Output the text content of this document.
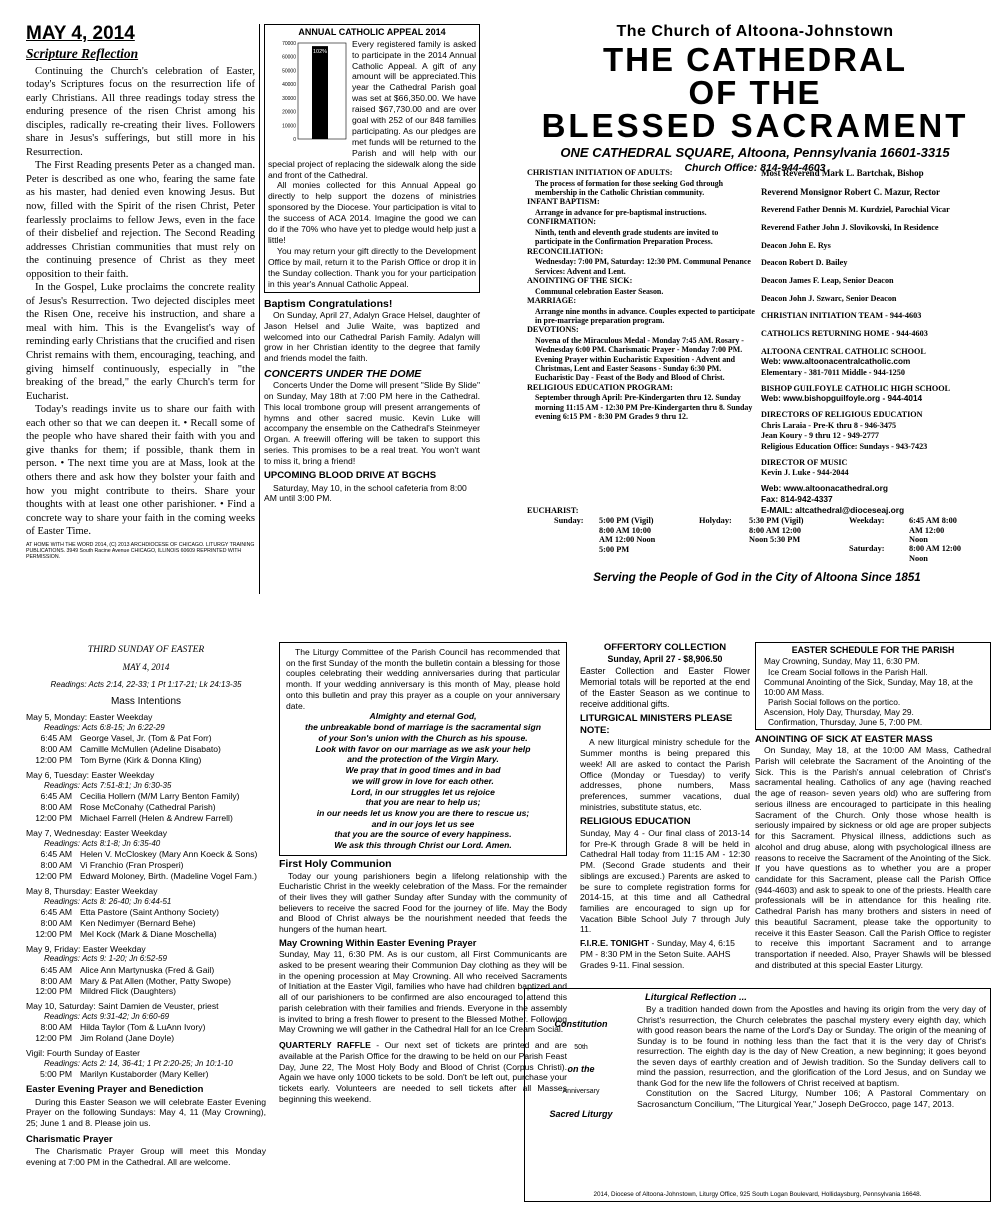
MAY 4, 2014
Scripture Reflection

Continuing the Church's celebration of Easter, today's Scriptures focus on the resurrection life of early Christians. All three readings today stress the enduring presence of the risen Christ among his disciples, radically re-creating their lives. Followers share in Jesus's sufferings, but still more in his Resurrection.

The First Reading presents Peter as a changed man. Peter is described as one who, fearing the same fate as his master, had denied even knowing Jesus. But now, filled with the Spirit of the risen Christ, Peter fearlessly proclaims to fellow Jews, even in the face of their disbelief and rejection. The Second Reading addresses Christian communities that must rely on the continuing presence of Christ as they meet opposition to their faith.

In the Gospel, Luke proclaims the concrete reality of Jesus's Resurrection. Two dejected disciples meet the Risen One, receive his instruction, and share a meal with him. This is the Evangelist's way of reminding early Christians that the crucified and risen Christ remains with them, encouraging, teaching, and giving himself continuously, especially in "the breaking of the bread," the early Church's term for Eucharist.

Today's readings invite us to share our faith with each other so that we can deepen it. • Recall some of the people who have shared their faith with you and give thanks for them; if possible, thank them in person. • The next time you are at Mass, look at the others there and ask how they bolster your faith and how you might contribute to theirs. Share your thoughts with at least one other parishioner. • Find a concrete way to share your faith in the coming weeks of Easter Time.

AT HOME WITH THE WORD 2014, (C) 2013 ARCHDIOCESE OF CHICAGO. LITURGY TRAINING PUBLICATIONS. 3949 South Racine Avenue CHICAGO, ILLINOIS 60609 REPRINTED WITH PERMISSION.

ANNUAL CATHOLIC APPEAL 2014
70000
60000
50000
40000
30000
20000
10000
0
102%

Every registered family is asked to participate in the 2014 Annual Catholic Appeal. A gift of any amount will be appreciated.This year the Cathedral Parish goal was set at $66,350.00. We have raised $67,730.00 and are over goal with 252 of our 848 families participating. As our pledges are met funds will be returned to the Parish and will help with our special project of replacing the sidewalk along the side and front of the Cathedral.

All monies collected for this Annual Appeal go directly to help support the dozens of ministries sponsored by the Diocese. Your participation is vital to the success of ACA 2014. Imagine the good we can do if the 70% who have yet to pledge would help just a little!

You may return your gift directly to the Development Office by mail, return it to the Parish Office or drop it in the Sunday collection. Thank you for your participation in this year's Annual Catholic Appeal.

Baptism Congratulations!

On Sunday, April 27, Adalyn Grace Helsel, daughter of Jason Helsel and Julie Waite, was baptized and welcomed into our Cathedral Parish Family. Adalyn will grow in her Christian identity to the degree that family and friends model the faith.

CONCERTS UNDER THE DOME

Concerts Under the Dome will present "Slide By Slide" on Sunday, May 18th at 7:00 PM here in the Cathedral. This local trombone group will present arrangements of hymns and other sacred music. Kevin Luke will accompany the ensemble on the Cathedral's Steinmeyer Organ. A freewill offering will be taken to support this series. This promises to be a real treat. You won't want to miss it, bring a friend!

UPCOMING BLOOD DRIVE AT BGCHS

Saturday, May 10, in the school cafeteria from 8:00 AM until 3:00 PM.

The Church of Altoona-Johnstown
THE CATHEDRAL
OF THE
BLESSED SACRAMENT
ONE CATHEDRAL SQUARE, Altoona, Pennsylvania 16601-3315
Church Office: 814-944-4603
CHRISTIAN INITIATION OF ADULTS:
The process of formation for those seeking God through membership in the Catholic Christian community.
INFANT BAPTISM:
Arrange in advance for pre-baptismal instructions.
CONFIRMATION:
Ninth, tenth and eleventh grade students are invited to participate in the Confirmation Preparation Process.
RECONCILIATION:
Wednesday: 7:00 PM, Saturday: 12:30 PM. Communal Penance Services: Advent and Lent.
ANOINTING OF THE SICK:
Communal celebration Easter Season.
MARRIAGE:
Arrange nine months in advance. Couples expected to participate in pre-marriage preparation program.
DEVOTIONS:
Novena of the Miraculous Medal - Monday 7:45 AM. Rosary - Wednesday 6:00 PM. Charismatic Prayer - Monday 7:00 PM. Evening Prayer within Eucharistic Exposition - Advent and Christmas, Lent and Easter Seasons - Sunday 6:30 PM. Eucharistic Day - Feast of the Body and Blood of Christ.
RELIGIOUS EDUCATION PROGRAM:
September through April: Pre-Kindergarten thru 12. Sunday morning 11:15 AM - 12:30 PM Pre-Kindergarten thru 8. Sunday evening 6:15 PM - 8:30 PM Grades 9 thru 12.
Most Reverend Mark L. Bartchak, Bishop
Reverend Monsignor Robert C. Mazur, Rector
Reverend Father Dennis M. Kurdziel, Parochial Vicar
Reverend Father John J. Slovikovski, In Residence
Deacon John E. Rys
Deacon Robert D. Bailey
Deacon James F. Leap, Senior Deacon
Deacon John J. Szwarc, Senior Deacon
CHRISTIAN INITIATION TEAM - 944-4603
CATHOLICS RETURNING HOME - 944-4603
ALTOONA CENTRAL CATHOLIC SCHOOL
Web: www.altoonacentralcatholic.com
Elementary - 381-7011 Middle - 944-1250
BISHOP GUILFOYLE CATHOLIC HIGH SCHOOL
Web: www.bishopguilfoyle.org - 944-4014
DIRECTORS OF RELIGIOUS EDUCATION
Chris Laraia - Pre-K thru 8 - 946-3475
Jean Koury - 9 thru 12 - 949-2777
Religious Education Office: Sundays - 943-7423
DIRECTOR OF MUSIC
Kevin J. Luke - 944-2044
Web: www.altoonacathedral.org
Fax: 814-942-4337
E-MAIL: altcathedral@dioceseaj.org
EUCHARIST:
Sunday: 5:00 PM (Vigil) 8:00 AM 10:00 AM 12:00 Noon 5:00 PM
Holyday: 5:30 PM (Vigil) 8:00 AM 12:00 Noon 5:30 PM
Weekday:	6:45 AM 8:00 AM 12:00 Noon
Saturday:	8:00 AM 12:00 Noon
Serving the People of God in the City of Altoona Since 1851
THIRD SUNDAY OF EASTER
MAY 4, 2014
Readings: Acts 2:14, 22-33; 1 Pt 1:17-21; Lk 24:13-35
Mass Intentions
May 5, Monday: Easter Weekday
Readings: Acts 6:8-15; Jn 6:22-29
6:45 AM George Vasel, Jr. (Tom & Pat Forr)
8:00 AM Camille McMullen (Adeline Disabato)
12:00 PM Tom Byrne (Kirk & Donna Kling)
May 6, Tuesday: Easter Weekday
Readings: Acts 7:51-8:1; Jn 6:30-35
6:45 AM Cecilia Hollern (M/M Larry Benton Family)
8:00 AM Rose McConahy (Cathedral Parish)
12:00 PM Michael Farrell (Helen & Andrew Farrell)
May 7, Wednesday: Easter Weekday
Readings: Acts 8:1-8; Jn 6:35-40
6:45 AM Helen V. McCloskey (Mary Ann Koeck & Sons)
8:00 AM Vi Franchio (Fran Prosperi)
12:00 PM Edward Moloney, Birth. (Madeline Vogel Fam.)
May 8, Thursday: Easter Weekday
Readings: Acts 8: 26-40; Jn 6:44-51
6:45 AM Etta Pastore (Saint Anthony Society)
8:00 AM Ken Nedimyer (Bernard Behe)
12:00 PM Mel Kock (Mark & Diane Moschella)
May 9, Friday: Easter Weekday
Readings: Acts 9: 1-20; Jn 6:52-59
6:45 AM Alice Ann Martynuska (Fred & Gail)
8:00 AM Mary & Pat Allen (Mother, Patty Swope)
12:00 PM Mildred Flick (Daughters)
May 10, Saturday: Saint Damien de Veuster, priest
Readings: Acts 9:31-42; Jn 6:60-69
8:00 AM Hilda Taylor (Tom & LuAnn Ivory)
12:00 PM Jim Roland (Jane Doyle)
Vigil: Fourth Sunday of Easter
Readings: Acts 2: 14, 36-41; 1 Pt 2:20-25; Jn 10:1-10
5:00 PM Marilyn Kustaborder (Mary Keller)
Easter Evening Prayer and Benediction

During this Easter Season we will celebrate Easter Evening Prayer on the following Sundays: May 4, 11 (May Crowning), 25; June 1 and 8. Please join us.

Charismatic Prayer

The Charismatic Prayer Group will meet this Monday evening at 7:00 PM in the Cathedral. All are welcome.

The Liturgy Committee of the Parish Council has recommended that on the first Sunday of the month the bulletin contain a blessing for those couples celebrating their wedding anniversaries during that particular month. If your wedding anniversary is this month of May, please hold onto this bulletin and pray this prayer as a couple on your anniversary date.

Almighty and eternal God,
the unbreakable bond of marriage is the sacramental sign
of your Son's union with the Church as his spouse.
Look with favor on our marriage as we ask your help
and the protection of the Virgin Mary.
We pray that in good times and in bad
we will grow in love for each other.
Lord, in our struggles let us rejoice
that you are near to help us;
in our needs let us know you are there to rescue us;
and in our joys let us see
that you are the source of every happiness.
We ask this through Christ our Lord. Amen.
First Holy Communion

Today our young parishioners begin a lifelong relationship with the Eucharistic Christ in the weekly celebration of the Mass. For the remainder of their lives they will gather Sunday after Sunday with the community of believers to receive the sacred Food for the journey of life. May the Body and Blood of Christ always be the nourishment needed that feeds the hungers of the human heart.

May Crowning Within Easter Evening Prayer

Sunday, May 11, 6:30 PM. As is our custom, all First Communicants are asked to be present wearing their Communion Day clothing as they will be in the opening procession at May Crowning. All who received Sacraments of Initiation at the Easter Vigil, families who have had children baptized and all of our parishioners to be confirmed are also encouraged to attend this parish celebration with their families and friends. Everyone in the assembly is invited to bring a fresh flower to present to the Blessed Mother. Following May Crowning we will gather in the Cathedral Hall for an Ice Cream Social.

QUARTERLY RAFFLE - Our next set of tickets are printed and are available at the Parish Office for the drawing to be held on our Parish Feast Day, June 22, The Most Holy Body and Blood of Christ (Corpus Christi). Again we have only 1000 tickets to be sold. Don't be left out, purchase your tickets early. Volunteers are needed to sell tickets after all Masses beginning this weekend.
OFFERTORY COLLECTION
Sunday, April 27 - $8,906.50

Easter Collection and Easter Flower Memorial totals will be reported at the end of the Easter Season as we continue to receive additional gifts.

LITURGICAL MINISTERS PLEASE NOTE:

A new liturgical ministry schedule for the Summer months is being prepared this week! All are asked to contact the Parish Office (Monday or Tuesday) to verify addresses, phone numbers, Mass preferences, summer vacations, dual ministries, substitute status, etc.

RELIGIOUS EDUCATION

Sunday, May 4 - Our final class of 2013-14 for Pre-K through Grade 8 will be held in Cathedral Hall today from 11:15 AM - 12:30 PM. (Second Grade students and their siblings are excused.) Parents are asked to be sure to complete registration forms for 2014-15, at this time and all Cathedral families are encouraged to sign up for Vacation Bible School July 7 through July 11.

F.I.R.E. TONIGHT - Sunday, May 4, 6:15 PM - 8:30 PM in the Seton Suite. AAHS Grades 9-11. Final session.
EASTER SCHEDULE FOR THE PARISH
May Crowning, Sunday, May 11, 6:30 PM.
Ice Cream Social follows in the Parish Hall.
Communal Anointing of the Sick, Sunday, May 18, at the 10:00 AM Mass.
Parish Social follows on the portico.
Ascension, Holy Day, Thursday, May 29.
Confirmation, Thursday, June 5, 7:00 PM.
ANOINTING OF SICK AT EASTER MASS

On Sunday, May 18, at the 10:00 AM Mass, Cathedral Parish will celebrate the Sacrament of the Anointing of the Sick. This is the Parish's annual celebration of Christ's sacramental healing. Catholics of any age (having reached the age of reason- seven years old) who are suffering from serious illness are encouraged to participate in this healing Sacrament of the Church. Only those whose health is seriously impaired by sickness or old age are proper subjects for this Sacrament. Physical illness, addictions such as alcohol and drug abuse, along with psychological illness are reasons to receive the Sacrament of the Anointing of the Sick. If you have questions as to whether you are a proper candidate for this Sacrament, please call the Parish Office (944-4603) and ask to speak to one of the priests. Health care professionals will be in attendance for this healing rite. Cathedral Parish has many brothers and sisters in need of this beautiful Sacrament, please take the opportunity to receive it this Easter Season. Call the Parish Office to register to receive this important Sacrament and to arrange transportation if needed. Also, Prayer Shawls will be blessed and distributed at this special Easter Liturgy.

Constitution
50th
on the
Anniversary
Sacred Liturgy
Liturgical Reflection ...

By a tradition handed down from the Apostles and having its origin from the very day of Christ's resurrection, the Church celebrates the paschal mystery every eighth day, which with good reason bears the name of the Lord's Day or Sunday. The origin of the meaning of Sunday is to be found in nothing less than the fact that it is the very day of Christ's resurrection. The eighth day is the day of New Creation, a new beginning; it goes beyond the seven days of earthly creation and of Jewish tradition. So the Sunday delivers call to mind the passion, resurrection, and the glorification of the Lord Jesus, and on Sunday we thank God for the new life the followers of Christ received at baptism.

Constitution on the Sacred Liturgy, Number 106; A Pastoral Commentary on Sacrosanctum Concilium, "The Liturgical Year," Joseph DeGrocco, page 147, 2013.

2014, Diocese of Altoona-Johnstown, Liturgy Office, 925 South Logan Boulevard, Hollidaysburg, Pennsylvania 16648.
